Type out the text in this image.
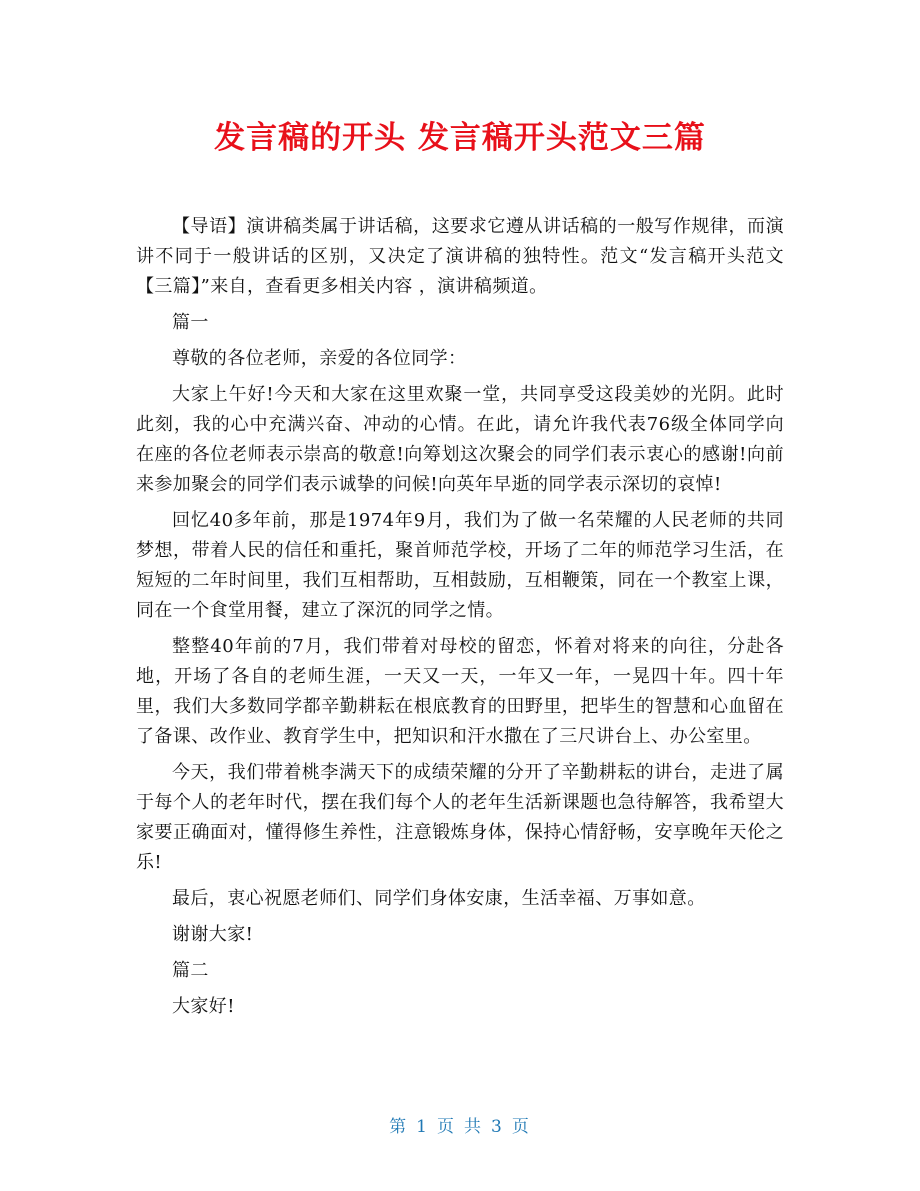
发言稿的开头 发言稿开头范文三篇

【导语】演讲稿类属于讲话稿，这要求它遵从讲话稿的一般写作规律，而演讲不同于一般讲话的区别，又决定了演讲稿的独特性。范文“发言稿开头范文【三篇】”来自，查看更多相关内容 ，演讲稿频道。

篇一

尊敬的各位老师，亲爱的各位同学：

大家上午好!今天和大家在这里欢聚一堂，共同享受这段美妙的光阴。此时此刻，我的心中充满兴奋、冲动的心情。在此，请允许我代表76级全体同学向在座的各位老师表示崇高的敬意!向筹划这次聚会的同学们表示衷心的感谢!向前来参加聚会的同学们表示诚挚的问候!向英年早逝的同学表示深切的哀悼!

回忆40多年前，那是1974年9月，我们为了做一名荣耀的人民老师的共同梦想，带着人民的信任和重托，聚首师范学校，开场了二年的师范学习生活，在短短的二年时间里，我们互相帮助，互相鼓励，互相鞭策，同在一个教室上课，同在一个食堂用餐，建立了深沉的同学之情。

整整40年前的7月，我们带着对母校的留恋，怀着对将来的向往，分赴各地，开场了各自的老师生涯，一天又一天，一年又一年，一晃四十年。四十年里，我们大多数同学都辛勤耕耘在根底教育的田野里，把毕生的智慧和心血留在了备课、改作业、教育学生中，把知识和汗水撒在了三尺讲台上、办公室里。

今天，我们带着桃李满天下的成绩荣耀的分开了辛勤耕耘的讲台，走进了属于每个人的老年时代，摆在我们每个人的老年生活新课题也急待解答，我希望大家要正确面对，懂得修生养性，注意锻炼身体，保持心情舒畅，安享晚年天伦之乐!

最后，衷心祝愿老师们、同学们身体安康，生活幸福、万事如意。

谢谢大家!

篇二

大家好!

第 1 页 共 3 页
